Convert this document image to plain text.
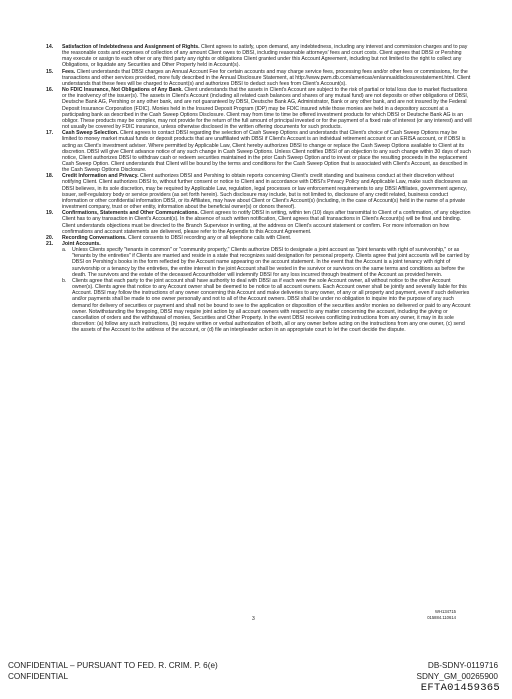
14. Satisfaction of Indebtedness and Assignment of Rights. Client agrees to satisfy, upon demand, any indebtedness, including any interest and commission charges and to pay the reasonable costs and expenses of collection of any amount Client owes to DBSI, including reasonable attorneys' fees and court costs. Client agrees that DBSI or Pershing may execute or assign to each other or any third party any rights or obligations Client granted under this Account Agreement, including but not limited to the right to collect any Obligations, or liquidate any Securities and Other Property held in Account(s).

15. Fees. Client understands that DBSI charges an Annual Account Fee for certain accounts and may charge service fees, processing fees and/or other fees or commissions, for the transactions and other services provided, more fully described in the Annual Disclosure Statement, at http://www.pwm.db.com/americas/en/annualdisclosurestatement.html. Client understands that these fees will be charged to Account(s) and authorizes DBSI to deduct such fees from Client's Account(s).

16. No FDIC Insurance, Not Obligations of Any Bank. Client understands that the assets in Client's Account are subject to the risk of partial or total loss due to market fluctuations or the insolvency of the issuer(s). The assets in Client's Account (including all related cash balances and shares of any mutual fund) are not deposits or other obligations of DBSI, Deutsche Bank AG, Pershing or any other bank, and are not guaranteed by DBSI, Deutsche Bank AG, Administrator, Bank or any other bank, and are not insured by the Federal Deposit Insurance Corporation (FDIC). Monies held in the Insured Deposit Program (IDP) may be FDIC insured while those monies are held in a depository account at a participating bank as described in the Cash Sweep Options Disclosure. Client may from time to time be offered investment products for which DBSI or Deutsche Bank AG is an obligor. These products may be complex, may not provide for the return of the full amount of principal invested or for the payment of a fixed rate of interest (or any interest) and will not usually be covered by FDIC insurance, unless otherwise disclosed in the written offering documents for such products.

17. Cash Sweep Selection. Client agrees to contact DBSI regarding the selection of Cash Sweep Options and understands that Client's choice of Cash Sweep Options may be limited to money market mutual funds or deposit products that are unaffiliated with DBSI if Client's Account is an individual retirement account or an ERISA account, or if DBSI is acting as Client's investment adviser. Where permitted by Applicable Law, Client hereby authorizes DBSI to change or replace the Cash Sweep Options available to Client at its discretion. DBSI will give Client advance notice of any such change in Cash Sweep Options. Unless Client notifies DBSI of an objection to any such change within 30 days of such notice, Client authorizes DBSI to withdraw cash or redeem securities maintained in the prior Cash Sweep Option and to invest or place the resulting proceeds in the replacement Cash Sweep Option. Client understands that Client will be bound by the terms and conditions for the Cash Sweep Option that is associated with Client's Account, as described in the Cash Sweep Options Disclosure.

18. Credit Information and Privacy. Client authorizes DBSI and Pershing to obtain reports concerning Client's credit standing and business conduct at their discretion without notifying Client. Client authorizes DBSI to, without further consent or notice to Client and in accordance with DBSI's Privacy Policy and Applicable Law, make such disclosures as DBSI believes, in its sole discretion, may be required by Applicable Law, regulation, legal processes or law enforcement requirements to any DBSI Affiliates, government agency, issuer, self-regulatory body or service providers (as set forth herein). Such disclosure may include, but is not limited to, disclosure of any credit related, business conduct information or other confidential information DBSI, or its Affiliates, may have about Client or Client's Account(s) (including, in the case of Account(s) held in the name of a private investment company, trust or other entity, information about the beneficial owner(s) or donors thereof).

19. Confirmations, Statements and Other Communications. Client agrees to notify DBSI in writing, within ten (10) days after transmittal to Client of a confirmation, of any objection Client has to any transaction in Client's Account(s). In the absence of such written notification, Client agrees that all transactions in Client's Account(s) will be final and binding. Client understands objections must be directed to the Branch Supervisor in writing, at the address on Client's account statement or confirm. For more information on how confirmations and account statements are delivered, please refer to the Appendix to this Account Agreement.

20. Recording Conversations. Client consents to DBSI recording any or all telephone calls with Client.

21. Joint Accounts.

a. Unless Clients specify "tenants in common" or "community property," Clients authorize DBSI to designate a joint account as "joint tenants with right of survivorship," or as "tenants by the entireties" if Clients are married and reside in a state that recognizes said designation for personal property. Clients agree that joint accounts will be carried by DBSI on Pershing's books in the form reflected by the Account name appearing on the account statement. In the event that the Account is a joint tenancy with right of survivorship or a tenancy by the entireties, the entire interest in the joint Account shall be vested in the survivor or survivors on the same terms and conditions as before the death. The survivors and the estate of the deceased Accountholder will indemnify DBSI for any loss incurred through treatment of the Account as provided herein.

b. Clients agree that each party to the joint account shall have authority to deal with DBSI as if each were the sole Account owner, all without notice to the other Account owner(s). Clients agree that notice to any Account owner shall be deemed to be notice to all account owners. Each Account owner shall be jointly and severally liable for this Account. DBSI may follow the instructions of any owner concerning this Account and make deliveries to any owner, of any or all property and payment, even if such deliveries and/or payments shall be made to one owner personally and not to all of the Account owners. DBSI shall be under no obligation to inquire into the purpose of any such demand for delivery of securities or payment and shall not be bound to see to the application or disposition of the securities and/or monies so delivered or paid to any Account owner. Notwithstanding the foregoing, DBSI may require joint action by all account owners with respect to any matter concerning the account, including the giving or cancellation of orders and the withdrawal of monies, Securities and Other Property. In the event DBSI receives conflicting instructions from any owner, it may in its sole discretion: (a) follow any such instructions, (b) require written or verbal authorization of both, all or any owner before acting on the instructions from any one owner, (c) send the assets of the Account to the address of the account, or (d) file an interpleader action in an appropriate court to let the court decide the dispute.

3
WH134715
015884.110614
CONFIDENTIAL – PURSUANT TO FED. R. CRIM. P. 6(e)
CONFIDENTIAL
DB-SDNY-0119716
SDNY_GM_00265900
EFTA01459365
